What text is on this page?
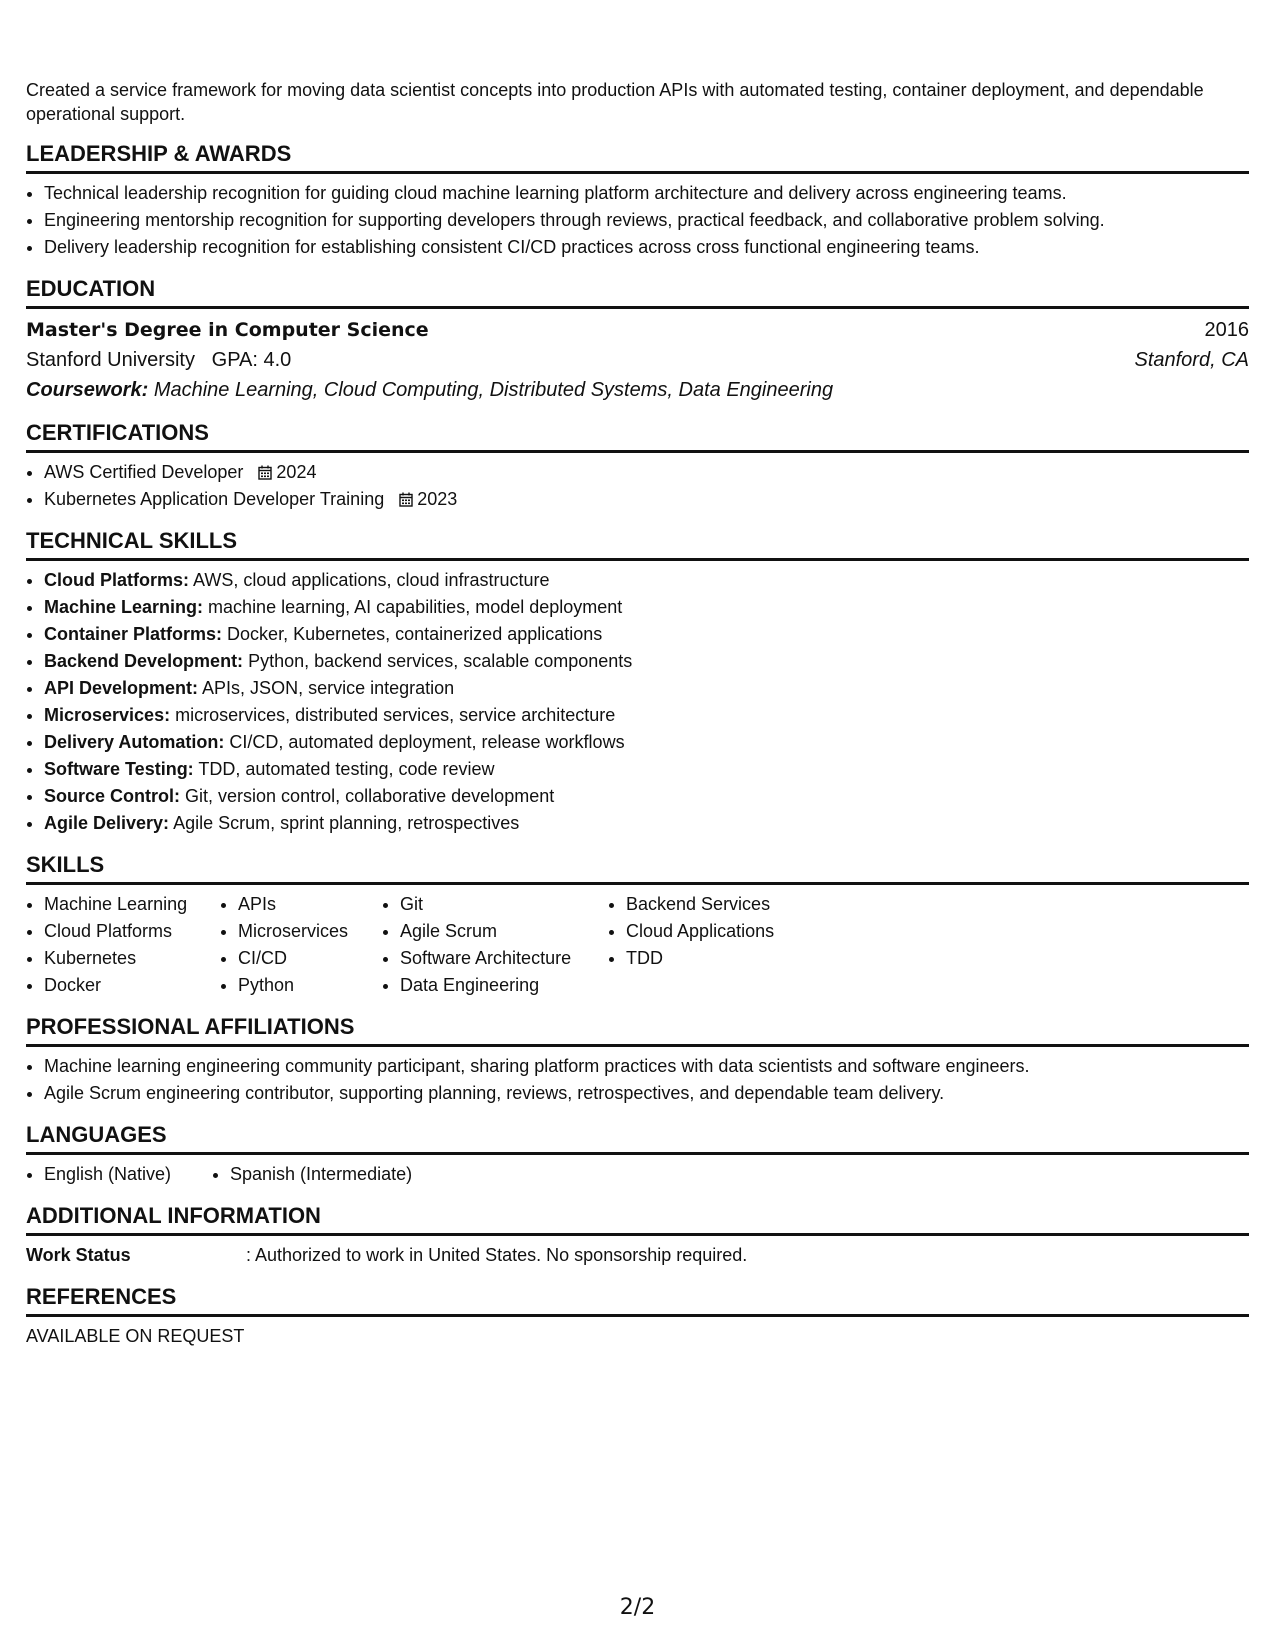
Created a service framework for moving data scientist concepts into production APIs with automated testing, container deployment, and dependable operational support.

LEADERSHIP & AWARDS
• Technical leadership recognition for guiding cloud machine learning platform architecture and delivery across engineering teams.
• Engineering mentorship recognition for supporting developers through reviews, practical feedback, and collaborative problem solving.
• Delivery leadership recognition for establishing consistent CI/CD practices across cross functional engineering teams.
EDUCATION
Master's Degree in Computer Science	2016
Stanford University GPA: 4.0	Stanford, CA
Coursework: Machine Learning, Cloud Computing, Distributed Systems, Data Engineering
CERTIFICATIONS
• AWS Certified Developer 2024
• Kubernetes Application Developer Training 2023
TECHNICAL SKILLS
• Cloud Platforms: AWS, cloud applications, cloud infrastructure
• Machine Learning: machine learning, AI capabilities, model deployment
• Container Platforms: Docker, Kubernetes, containerized applications
• Backend Development: Python, backend services, scalable components
• API Development: APIs, JSON, service integration
• Microservices: microservices, distributed services, service architecture
• Delivery Automation: CI/CD, automated deployment, release workflows
• Software Testing: TDD, automated testing, code review
• Source Control: Git, version control, collaborative development
• Agile Delivery: Agile Scrum, sprint planning, retrospectives
SKILLS
• Machine Learning
• Cloud Platforms
• Kubernetes
• Docker
• APIs
• Microservices
• CI/CD
• Python
• Git
• Agile Scrum
• Software Architecture
• Data Engineering
• Backend Services
• Cloud Applications
• TDD
PROFESSIONAL AFFILIATIONS
• Machine learning engineering community participant, sharing platform practices with data scientists and software engineers.
• Agile Scrum engineering contributor, supporting planning, reviews, retrospectives, and dependable team delivery.
LANGUAGES
• English (Native)
•	Spanish (Intermediate)
ADDITIONAL INFORMATION
Work Status	: Authorized to work in United States. No sponsorship required.
REFERENCES
AVAILABLE ON REQUEST
2/2
